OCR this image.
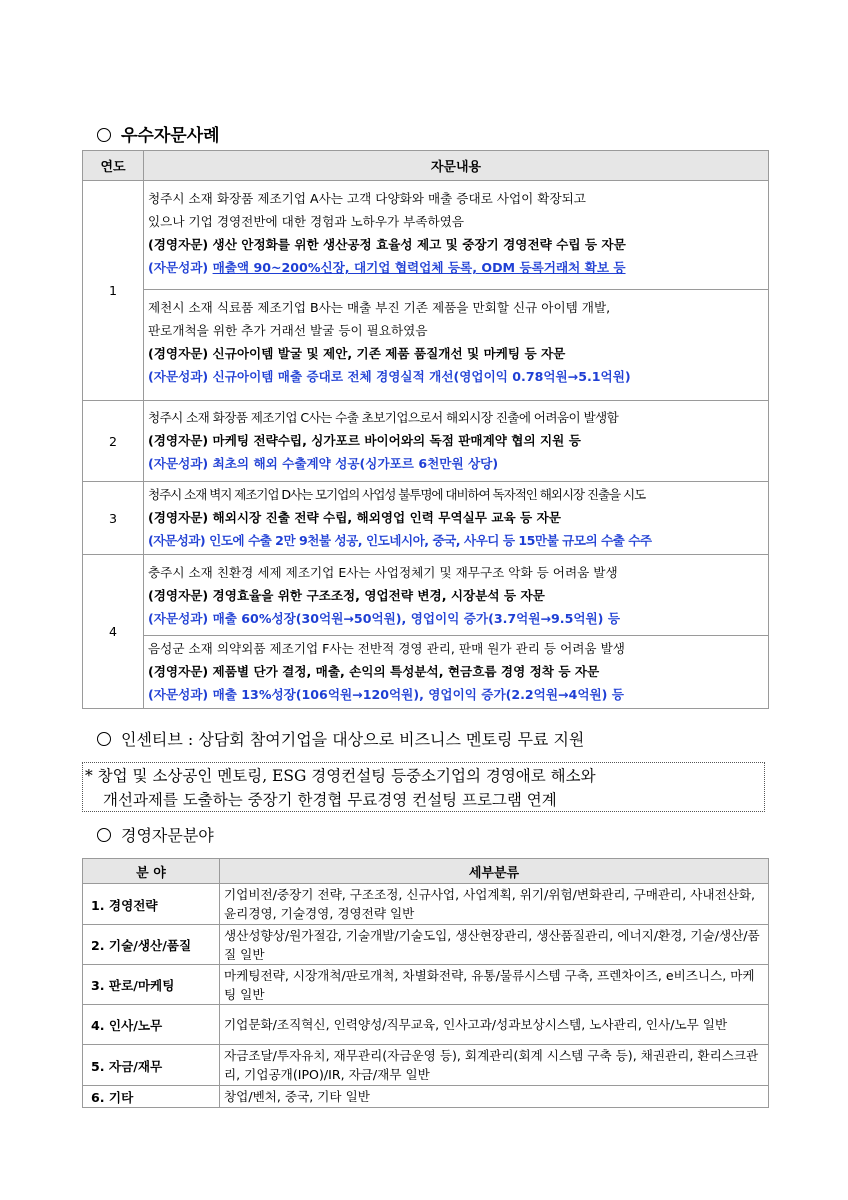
우수자문사례
연도	자문내용
1	청주시 소재 화장품 제조기업 A사는 고객 다양화와 매출 증대로 사업이 확장되고
있으나 기업 경영전반에 대한 경험과 노하우가 부족하였음
(경영자문) 생산 안정화를 위한 생산공정 효율성 제고 및 중장기 경영전략 수립 등 자문
(자문성과) 매출액 90~200%신장, 대기업 협력업체 등록, ODM 등록거래처 확보 등

	제천시 소재 식료품 제조기업 B사는 매출 부진 기존 제품을 만회할 신규 아이템 개발,
판로개척을 위한 추가 거래선 발굴 등이 필요하였음
(경영자문) 신규아이템 발굴 및 제안, 기존 제품 품질개선 및 마케팅 등 자문
(자문성과) 신규아이템 매출 증대로 전체 경영실적 개선(영업이익 0.78억원→5.1억원)

2	청주시 소재 화장품 제조기업 C사는 수출 초보기업으로서 해외시장 진출에 어려움이 발생함
(경영자문) 마케팅 전략수립, 싱가포르 바이어와의 독점 판매계약 협의 지원 등
(자문성과) 최초의 해외 수출계약 성공(싱가포르 6천만원 상당)

3	청주시 소재 벽지 제조기업 D사는 모기업의 사업성 불투명에 대비하여 독자적인 해외시장 진출을 시도
(경영자문) 해외시장 진출 전략 수립, 해외영업 인력 무역실무 교육 등 자문
(자문성과) 인도에 수출 2만 9천불 성공, 인도네시아, 중국, 사우디 등 15만불 규모의 수출 수주

4	충주시 소재 친환경 세제 제조기업 E사는 사업정체기 및 재무구조 악화 등 어려움 발생
(경영자문) 경영효율을 위한 구조조정, 영업전략 변경, 시장분석 등 자문
(자문성과) 매출 60%성장(30억원→50억원), 영업이익 증가(3.7억원→9.5억원) 등

	음성군 소재 의약외품 제조기업 F사는 전반적 경영 관리, 판매 원가 관리 등 어려움 발생
(경영자문) 제품별 단가 결정, 매출, 손익의 특성분석, 현금흐름 경영 정착 등 자문
(자문성과) 매출 13%성장(106억원→120억원), 영업이익 증가(2.2억원→4억원) 등
인센티브 : 상담회 참여기업을 대상으로 비즈니스 멘토링 무료 지원
* 창업 및 소상공인 멘토링, ESG 경영컨설팅 등중소기업의 경영애로 해소와
개선과제를 도출하는 중장기 한경협 무료경영 컨설팅 프로그램 연계
경영자문분야
분 야	세부분류
1. 경영전략	기업비전/중장기 전략, 구조조정, 신규사업, 사업계획, 위기/위험/변화관리, 구매관리, 사내전산화, 윤리경영, 기술경영, 경영전략 일반
2. 기술/생산/품질	생산성향상/원가절감, 기술개발/기술도입, 생산현장관리, 생산품질관리, 에너지/환경, 기술/생산/품질 일반
3. 판로/마케팅	마케팅전략, 시장개척/판로개척, 차별화전략, 유통/물류시스템 구축, 프렌차이즈, e비즈니스, 마케팅 일반
4. 인사/노무	기업문화/조직혁신, 인력양성/직무교육, 인사고과/성과보상시스템, 노사관리, 인사/노무 일반
5. 자금/재무	자금조달/투자유치, 재무관리(자금운영 등), 회계관리(회계 시스템 구축 등), 채권관리, 환리스크관리, 기업공개(IPO)/IR, 자금/재무 일반
6. 기타	창업/벤처, 중국, 기타 일반
